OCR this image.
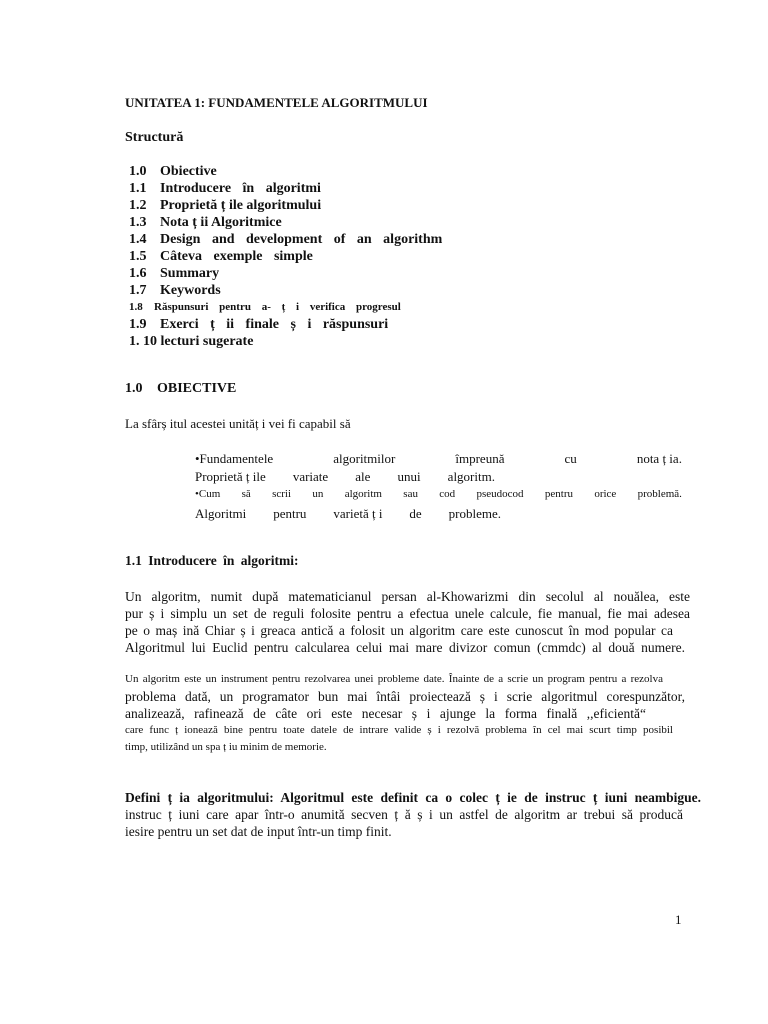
UNITATEA 1: FUNDAMENTELE ALGORITMULUI
Structură
1.0 Obiective
1.1 Introducere în algoritmi
1.2 Proprietă ț ile algoritmului
1.3 Nota ț ii Algoritmice
1.4 Design and development of an algorithm
1.5 Câteva exemple simple
1.6 Summary
1.7 Keywords
1.8 Răspunsuri pentru a- ț i verifica progresul
1.9 Exerci ț ii finale ș i răspunsuri
1. 10 lecturi sugerate
1.0 OBIECTIVE
La sfârș itul acestei unităț i vei fi capabil să
•Fundamentele	algoritmilor	împreună	cu	nota ț ia.
Proprietă ț ile variate ale unui algoritm.
•Cum să scrii un algoritm sau cod pseudocod pentru orice problemă.
Algoritmi pentru varietă ț i de probleme.
1.1 Introducere în algoritmi:
Un algoritm, numit după matematicianul persan al-Khowarizmi din secolul al nouălea, este
pur ș i simplu un set de reguli folosite pentru a efectua unele calcule, fie manual, fie mai adesea
pe o maș ină Chiar ș i greaca antică a folosit un algoritm care este cunoscut în mod popular ca
Algoritmul lui Euclid pentru calcularea celui mai mare divizor comun (cmmdc) al două numere.
Un algoritm este un instrument pentru rezolvarea unei probleme date. Înainte de a scrie un program pentru a rezolva
problema dată, un programator bun mai întâi proiectează ș i scrie algoritmul corespunzător,
analizează, rafinează de câte ori este necesar ș i ajunge la forma finală ,,eficientă“
care func ț ionează bine pentru toate datele de intrare valide ș i rezolvă problema în cel mai scurt timp posibil
timp, utilizând un spa ț iu minim de memorie.
Defini ț ia algoritmului: Algoritmul este definit ca o colec ț ie de instruc ț iuni neambigue.
instruc ț iuni care apar într-o anumită secven ț ă ș i un astfel de algoritm ar trebui să producă
iesire pentru un set dat de input într-un timp finit.
1
